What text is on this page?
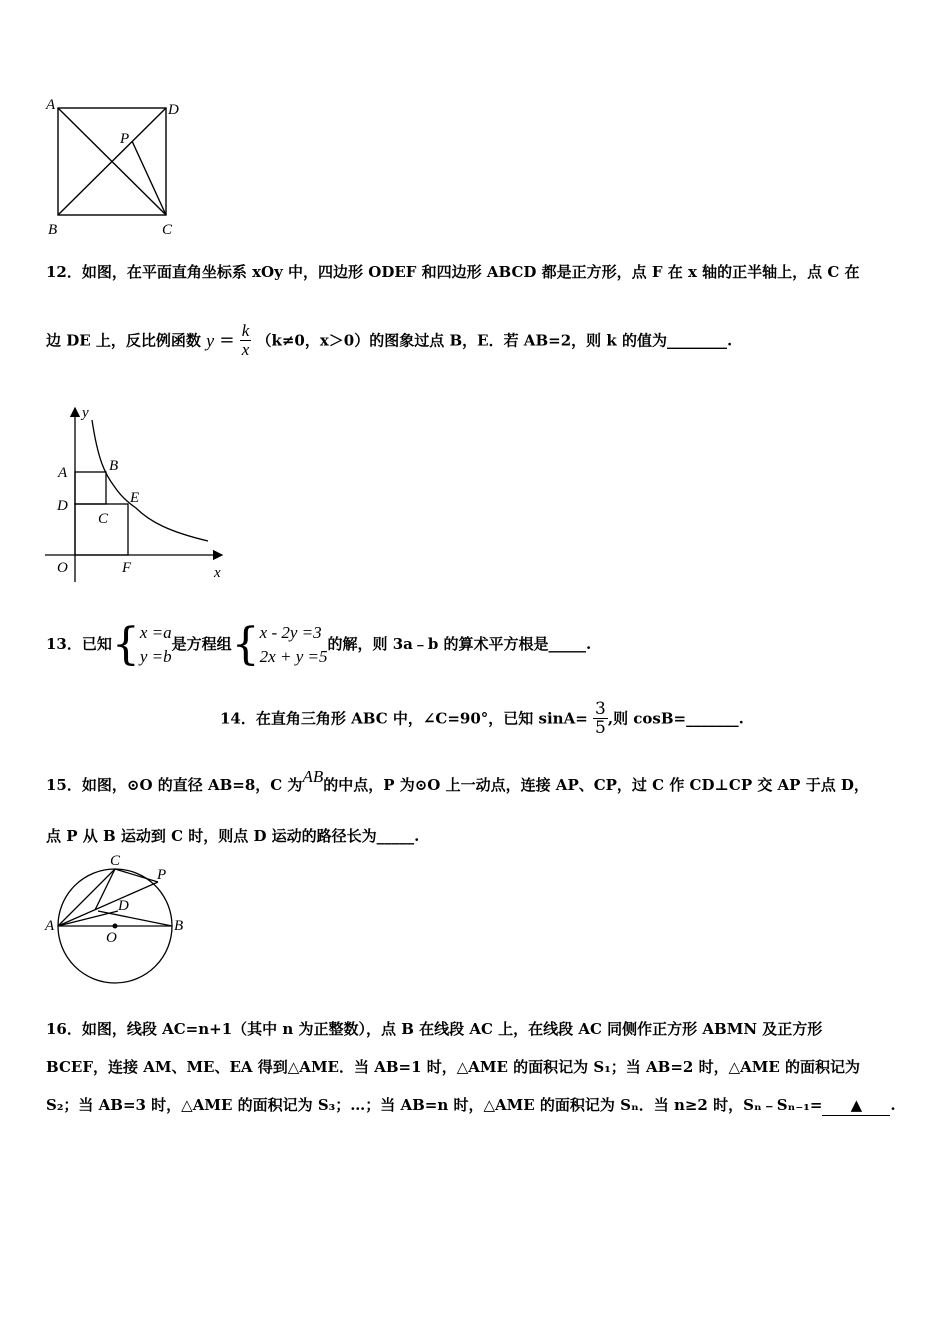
A	D
P
B	C
12．如图，在平面直角坐标系 xOy 中，四边形 ODEF 和四边形 ABCD 都是正方形，点 F 在 x 轴的正半轴上，点 C 在
边 DE 上，反比例函数 $y = \frac{k}{x} (k\ne 0$，x＞0）的图象过点 B，E．若 AB=2，则 k 的值为________.
y
A	B
D	E
C
O	F	x
13．已知{ x =a
y =b
是方程组{ x - 2y =3
2x + y =5
的解，则 3a﹣b 的算术平方根是_____.
14．在直角三角形 ABC 中，∠C=90°，已知 $\sin A= \frac{3}{5}$ ,则 cosB=_______.
15．如图，⊙O 的直径 AB=8，C 为AB的中点，P 为⊙O 上一动点，连接 AP、CP，过 C 作 CD⊥CP 交 AP 于点 D，
点 P 从 B 运动到 C 时，则点 D 运动的路径长为_____.
C
P
D
A
O
B
16．如图，线段 AC=n+1（其中 n 为正整数），点 B 在线段 AC 上，在线段 AC 同侧作正方形 ABMN 及正方形
BCEF，连接 AM、ME、EA 得到△AME．当 AB=1 时，△AME 的面积记为 S₁；当 AB=2 时，△AME 的面积记为
S₂；当 AB=3 时，△AME 的面积记为 S₃；…；当 AB=n 时，△AME 的面积记为 Sₙ．当 n≥2 时，Sₙ﹣Sₙ₋₁= ▲ .
